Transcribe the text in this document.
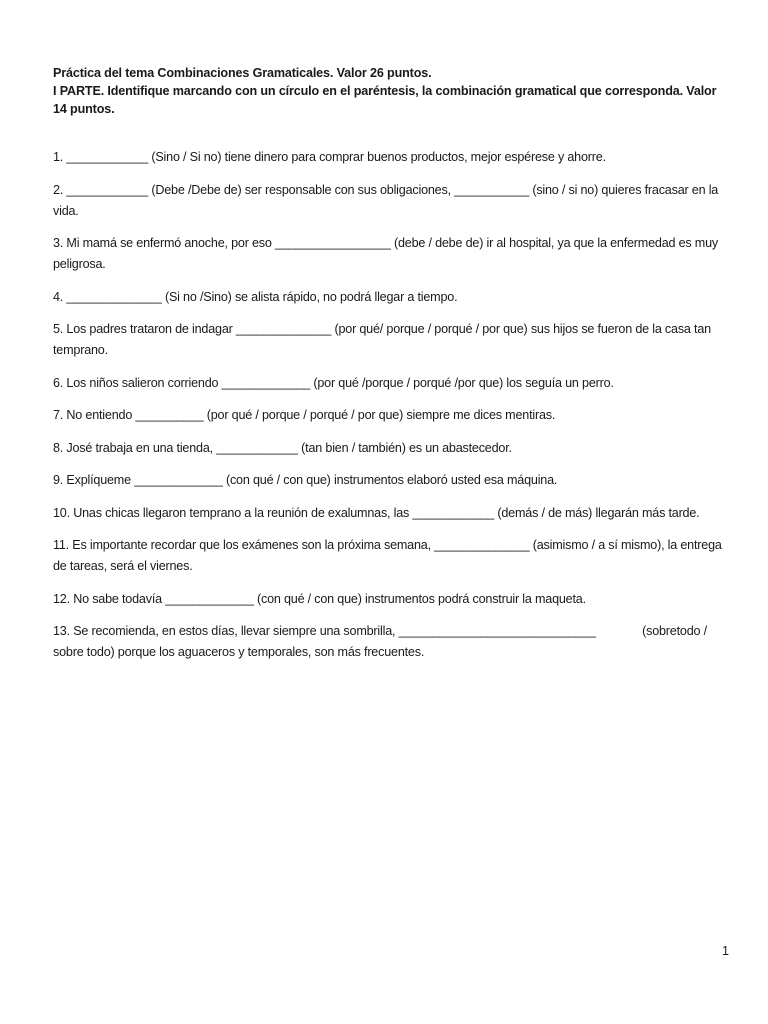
Práctica del tema Combinaciones Gramaticales. Valor 26 puntos.
I PARTE. Identifique marcando con un círculo en el paréntesis, la combinación gramatical que corresponda. Valor 14 puntos.
1. ____________ (Sino / Si no) tiene dinero para comprar buenos productos, mejor espérese y ahorre.
2. ____________ (Debe /Debe de) ser responsable con sus obligaciones, ___________ (sino / si no) quieres fracasar en la vida.
3. Mi mamá se enfermó anoche, por eso _________________ (debe / debe de) ir al hospital, ya que la enfermedad es muy peligrosa.
4. ______________ (Si no /Sino) se alista rápido, no podrá llegar a tiempo.
5. Los padres trataron de indagar ______________ (por qué/ porque / porqué / por que) sus hijos se fueron de la casa tan temprano.
6. Los niños salieron corriendo _____________ (por qué /porque / porqué /por que) los seguía un perro.
7. No entiendo __________ (por qué / porque / porqué / por que) siempre me dices mentiras.
8. José trabaja en una tienda, ____________ (tan bien / también) es un abastecedor.
9. Explíqueme _____________ (con qué / con que) instrumentos elaboró usted esa máquina.
10. Unas chicas llegaron temprano a la reunión de exalumnas, las ____________ (demás / de más) llegarán más tarde.
11. Es importante recordar que los exámenes son la próxima semana, ______________ (asimismo / a sí mismo), la entrega de tareas, será el viernes.
12. No sabe todavía _____________ (con qué / con que) instrumentos podrá construir la maqueta.
13. Se recomienda, en estos días, llevar siempre una sombrilla, _____________________________              (sobretodo / sobre todo) porque los aguaceros y temporales, son más frecuentes.
1
